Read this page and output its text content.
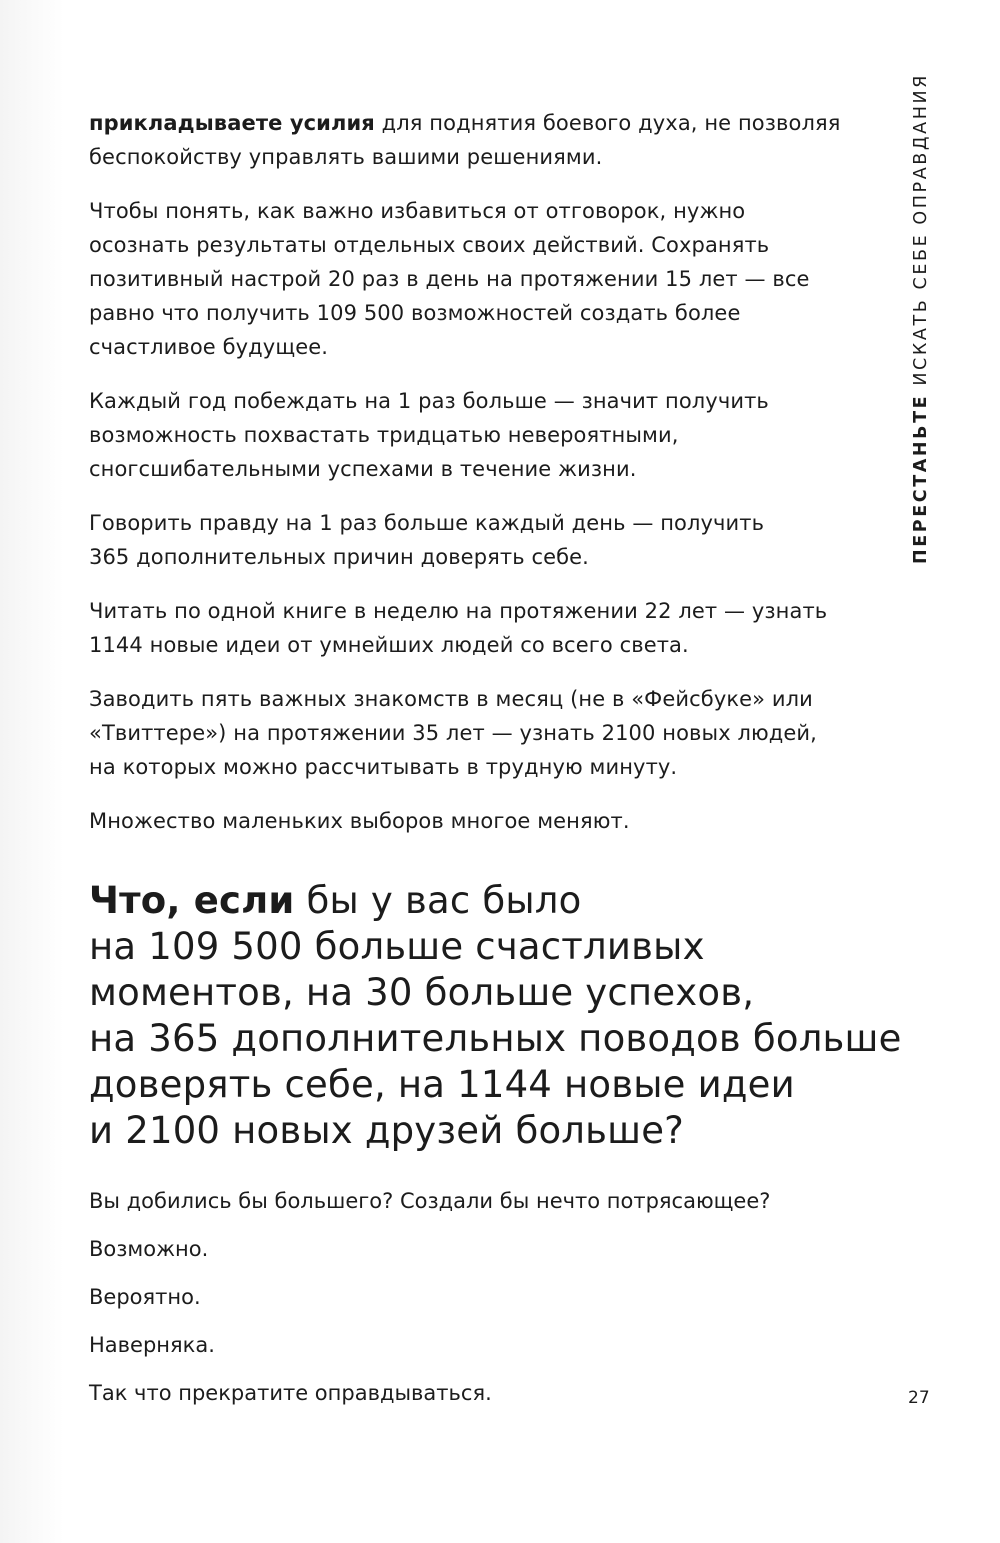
прикладываете усилия для поднятия боевого духа, не позволяя
беспокойству управлять вашими решениями.

Чтобы понять, как важно избавиться от отговорок, нужно
осознать результаты отдельных своих действий. Сохранять
позитивный настрой 20 раз в день на протяжении 15 лет — все
равно что получить 109 500 возможностей создать более
счастливое будущее.

Каждый год побеждать на 1 раз больше — значит получить
возможность похвастать тридцатью невероятными,
сногсшибательными успехами в течение жизни.

Говорить правду на 1 раз больше каждый день — получить
365 дополнительных причин доверять себе.

Читать по одной книге в неделю на протяжении 22 лет — узнать
1144 новые идеи от умнейших людей со всего света.

Заводить пять важных знакомств в месяц (не в «Фейсбуке» или
«Твиттере») на протяжении 35 лет — узнать 2100 новых людей,
на которых можно рассчитывать в трудную минуту.

Множество маленьких выборов многое меняют.

Что, если бы у вас было
на 109 500 больше счастливых
моментов, на 30 больше успехов,
на 365 дополнительных поводов больше
доверять себе, на 1144 новые идеи
и 2100 новых друзей больше?

Вы добились бы большего? Создали бы нечто потрясающее?

Возможно.

Вероятно.

Наверняка.

Так что прекратите оправдываться.

ПЕРЕСТАНЬТЕ ИСКАТЬ СЕБЕ ОПРАВДАНИЯ
27
